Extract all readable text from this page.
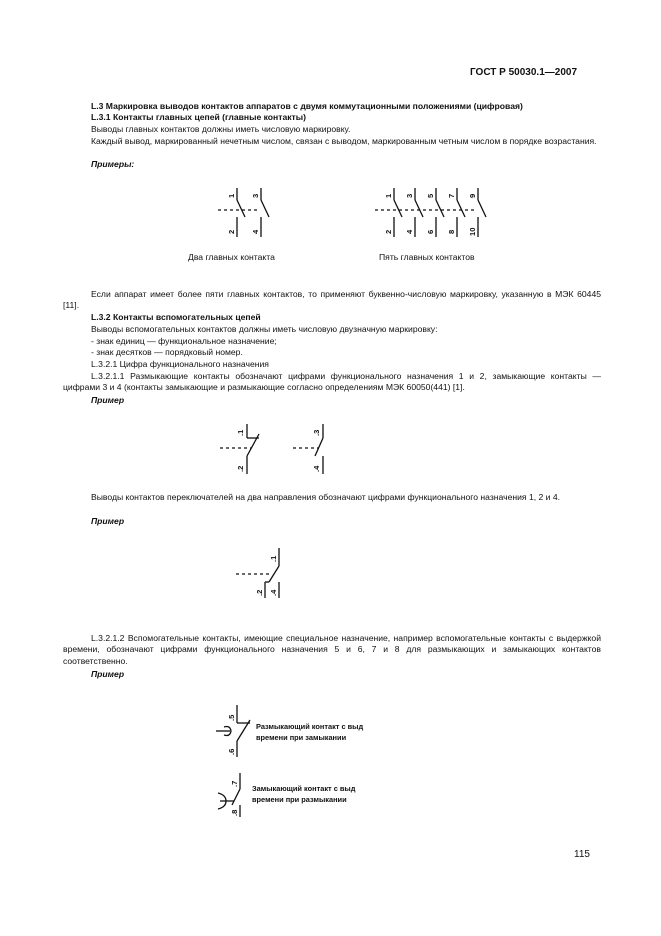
ГОСТ Р 50030.1—2007
L.3 Маркировка выводов контактов аппаратов с двумя коммутационными положениями (цифровая)
L.3.1 Контакты главных цепей (главные контакты)
Выводы главных контактов должны иметь числовую маркировку.
Каждый вывод, маркированный нечетным числом, связан с выводом, маркированным четным числом в порядке возрастания.
Примеры:
1 3
2 4
1 3 5 7 9
2 4 6 8 10
Два главных контакта	Пять главных контактов
Если аппарат имеет более пяти главных контактов, то применяют буквенно-числовую маркировку, указанную в МЭК 60445 [11].
L.3.2 Контакты вспомогательных цепей
Выводы вспомогательных контактов должны иметь числовую двузначную маркировку:
- знак единиц — функциональное назначение;
- знак десятков — порядковый номер.
L.3.2.1 Цифра функционального назначения
L.3.2.1.1 Размыкающие контакты обозначают цифрами функционального назначения 1 и 2, замыкающие контакты — цифрами 3 и 4 (контакты замыкающие и размыкающие согласно определениям МЭК 60050(441) [1].
Пример
.1
.2
.3
.4
Выводы контактов переключателей на два направления обозначают цифрами функционального назначения 1, 2 и 4.
Пример
.1
.2 .4
L.3.2.1.2 Вспомогательные контакты, имеющие специальное назначение, например вспомогательные контакты с выдержкой времени, обозначают цифрами функционального назначения 5 и 6, 7 и 8 для размыкающих и замыкающих контактов соответственно.
Пример
.5
.6
Размыкающий контакт с выд
времени при замыкании
.7
.8
Замыкающий контакт с выд
времени при размыкании
115
